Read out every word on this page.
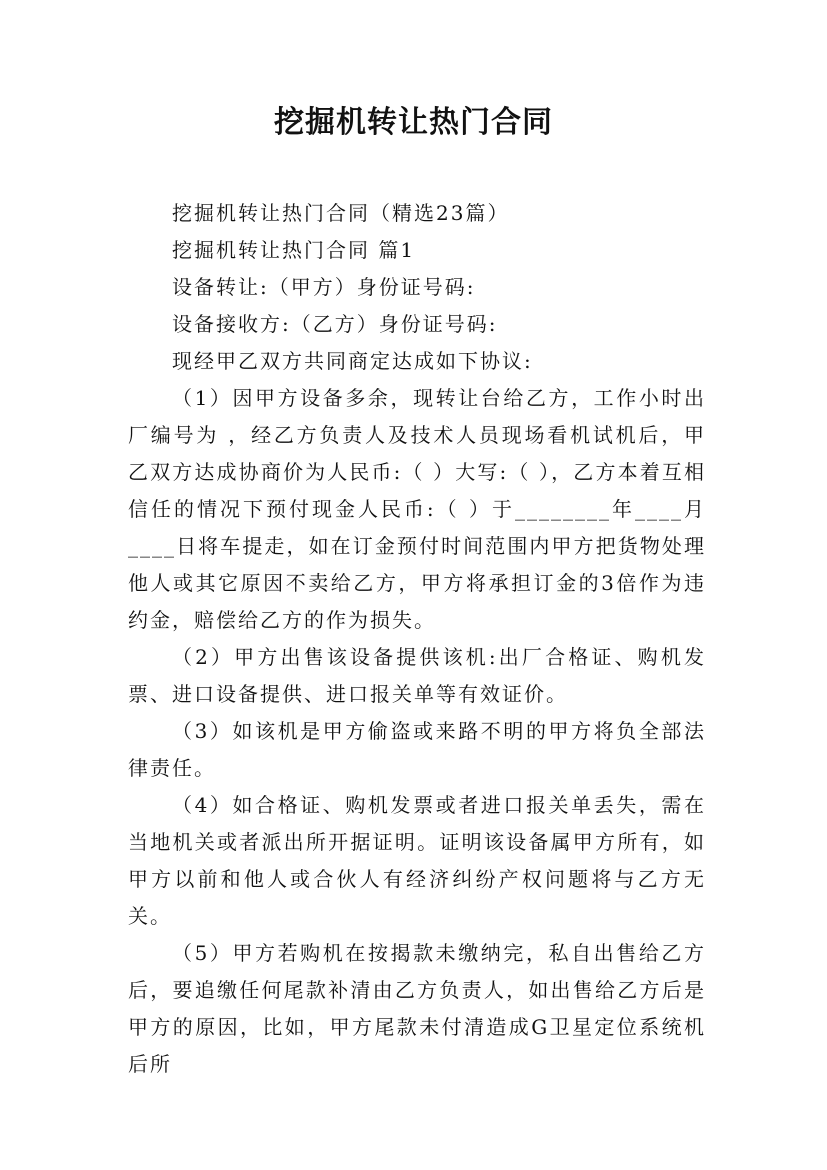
挖掘机转让热门合同

挖掘机转让热门合同（精选23篇）

挖掘机转让热门合同 篇1

设备转让:（甲方）身份证号码:

设备接收方:（乙方）身份证号码:

现经甲乙双方共同商定达成如下协议:

（1）因甲方设备多余，现转让台给乙方，工作小时出厂编号为 ，经乙方负责人及技术人员现场看机试机后，甲乙双方达成协商价为人民币:（ ）大写:（ ），乙方本着互相信任的情况下预付现金人民币:（ ）于________年____月____日将车提走，如在订金预付时间范围内甲方把货物处理他人或其它原因不卖给乙方，甲方将承担订金的3倍作为违约金，赔偿给乙方的作为损失。

（2）甲方出售该设备提供该机:出厂合格证、购机发票、进口设备提供、进口报关单等有效证价。

（3）如该机是甲方偷盗或来路不明的甲方将负全部法律责任。

（4）如合格证、购机发票或者进口报关单丢失，需在当地机关或者派出所开据证明。证明该设备属甲方所有，如甲方以前和他人或合伙人有经济纠纷产权问题将与乙方无关。

（5）甲方若购机在按揭款未缴纳完，私自出售给乙方后，要追缴任何尾款补清由乙方负责人，如出售给乙方后是甲方的原因，比如，甲方尾款未付清造成G卫星定位系统机后所
